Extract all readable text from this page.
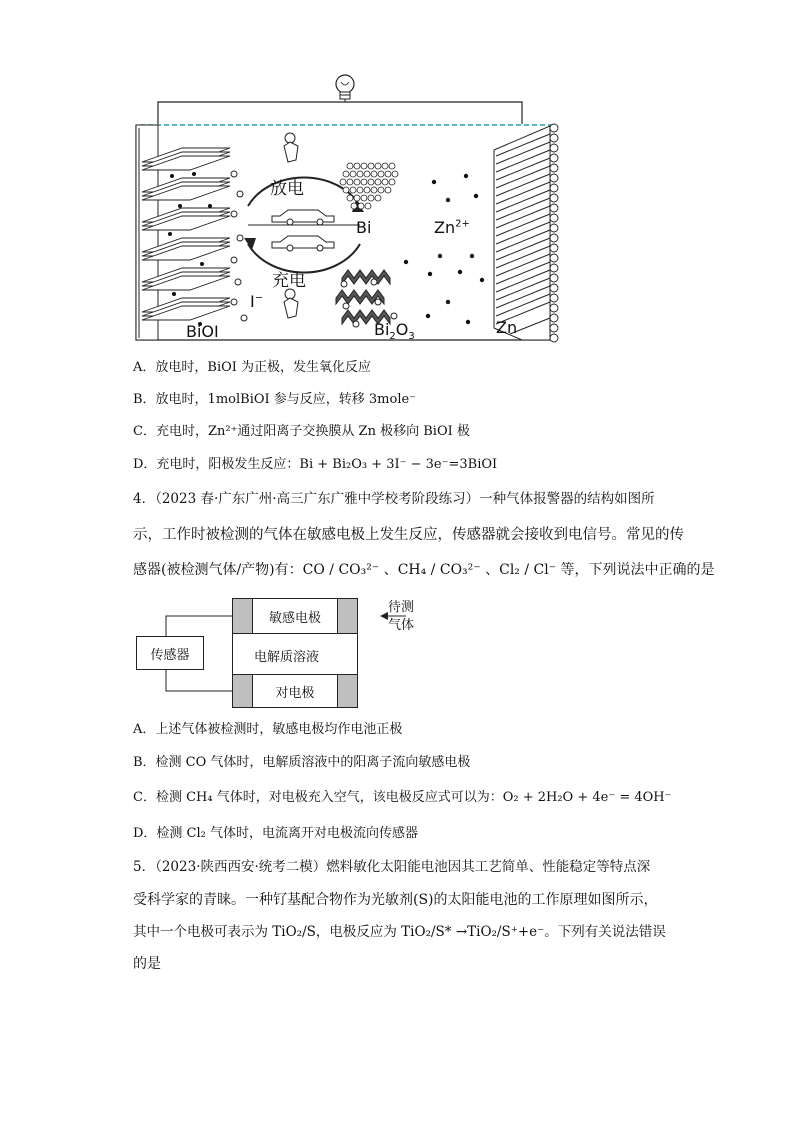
放电
充电
Bi	$Zn^{2+}$
I−
BiOI	$Bi_2O_3$	Zn
A．放电时，BiOI 为正极，发生氧化反应
B．放电时，1molBiOI 参与反应，转移 3mole⁻
C．充电时，Zn²⁺通过阳离子交换膜从 Zn 极移向 BiOI 极
D．充电时，阳极发生反应：Bi + Bi₂O₃ + 3I⁻ − 3e⁻=3BiOI
4．（2023 春·广东广州·高三广东广雅中学校考阶段练习）一种气体报警器的结构如图所
示，工作时被检测的气体在敏感电极上发生反应，传感器就会接收到电信号。常见的传
感器(被检测气体/产物)有：CO / CO₃²⁻ 、CH₄ / CO₃²⁻ 、Cl₂ / Cl⁻ 等，下列说法中正确的是
传感器
敏感电极
电解质溶液
对电极
待测
气体
A．上述气体被检测时，敏感电极均作电池正极
B．检测 CO 气体时，电解质溶液中的阳离子流向敏感电极
C．检测 CH₄ 气体时，对电极充入空气，该电极反应式可以为：O₂ + 2H₂O + 4e⁻ = 4OH⁻
D．检测 Cl₂ 气体时，电流离开对电极流向传感器
5．（2023·陕西西安·统考二模）燃料敏化太阳能电池因其工艺简单、性能稳定等特点深
受科学家的青睐。一种钌基配合物作为光敏剂(S)的太阳能电池的工作原理如图所示，
其中一个电极可表示为 TiO₂/S，电极反应为 TiO₂/S* →TiO₂/S⁺+e⁻。下列有关说法错误
的是
